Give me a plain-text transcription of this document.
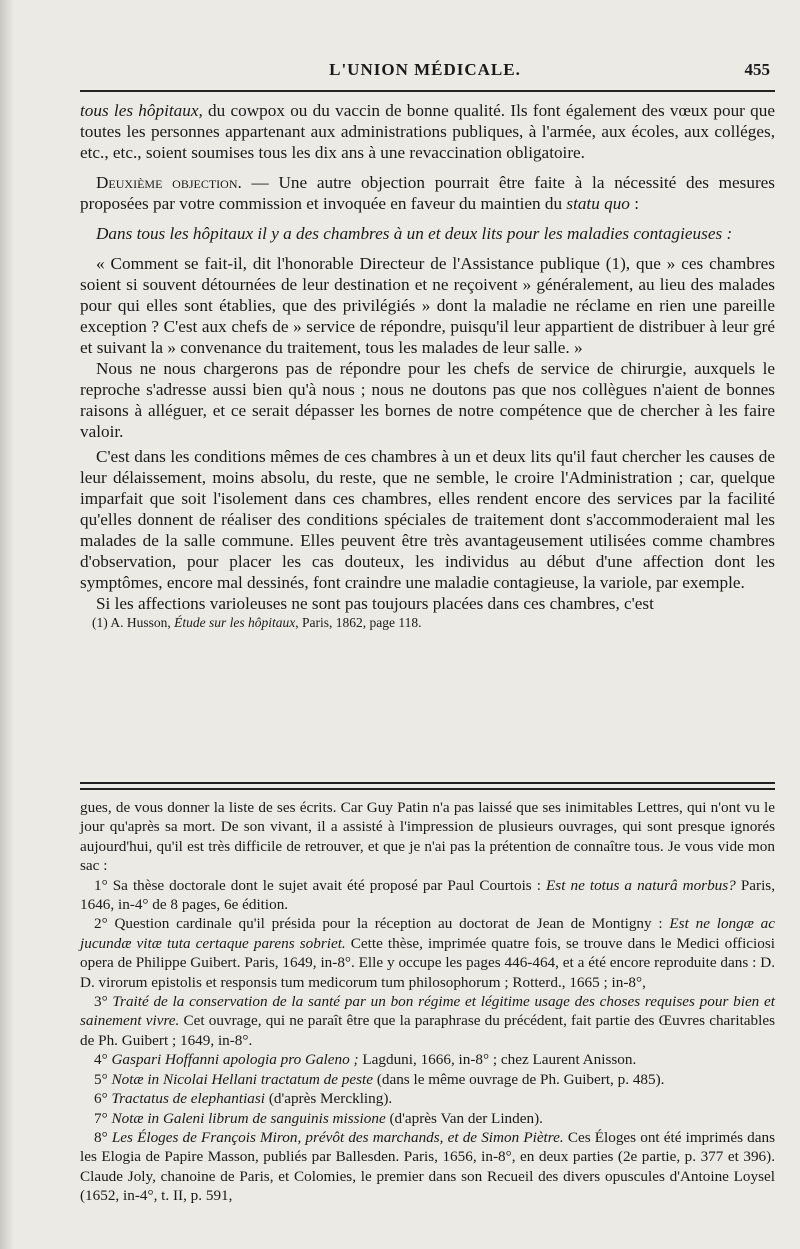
L'UNION MÉDICALE.	455

tous les hôpitaux, du cowpox ou du vaccin de bonne qualité. Ils font également des vœux pour que toutes les personnes appartenant aux administrations publiques, à l'armée, aux écoles, aux colléges, etc., etc., soient soumises tous les dix ans à une revaccination obligatoire.

Deuxième objection. — Une autre objection pourrait être faite à la nécessité des mesures proposées par votre commission et invoquée en faveur du maintien du statu quo :

Dans tous les hôpitaux il y a des chambres à un et deux lits pour les maladies contagieuses :

« Comment se fait-il, dit l'honorable Directeur de l'Assistance publique (1), que » ces chambres soient si souvent détournées de leur destination et ne reçoivent » généralement, au lieu des malades pour qui elles sont établies, que des privilégiés » dont la maladie ne réclame en rien une pareille exception ? C'est aux chefs de » service de répondre, puisqu'il leur appartient de distribuer à leur gré et suivant la » convenance du traitement, tous les malades de leur salle. »

Nous ne nous chargerons pas de répondre pour les chefs de service de chirurgie, auxquels le reproche s'adresse aussi bien qu'à nous ; nous ne doutons pas que nos collègues n'aient de bonnes raisons à alléguer, et ce serait dépasser les bornes de notre compétence que de chercher à les faire valoir.

C'est dans les conditions mêmes de ces chambres à un et deux lits qu'il faut chercher les causes de leur délaissement, moins absolu, du reste, que ne semble, le croire l'Administration ; car, quelque imparfait que soit l'isolement dans ces chambres, elles rendent encore des services par la facilité qu'elles donnent de réaliser des conditions spéciales de traitement dont s'accommoderaient mal les malades de la salle commune. Elles peuvent être très avantageusement utilisées comme chambres d'observation, pour placer les cas douteux, les individus au début d'une affection dont les symptômes, encore mal dessinés, font craindre une maladie contagieuse, la variole, par exemple.

Si les affections varioleuses ne sont pas toujours placées dans ces chambres, c'est

(1) A. Husson, Étude sur les hôpitaux, Paris, 1862, page 118.

gues, de vous donner la liste de ses écrits. Car Guy Patin n'a pas laissé que ses inimitables Lettres, qui n'ont vu le jour qu'après sa mort. De son vivant, il a assisté à l'impression de plusieurs ouvrages, qui sont presque ignorés aujourd'hui, qu'il est très difficile de retrouver, et que je n'ai pas la prétention de connaître tous. Je vous vide mon sac :

1° Sa thèse doctorale dont le sujet avait été proposé par Paul Courtois : Est ne totus a naturâ morbus? Paris, 1646, in-4° de 8 pages, 6e édition.

2° Question cardinale qu'il présida pour la réception au doctorat de Jean de Montigny : Est ne longæ ac jucundæ vitæ tuta certaque parens sobriet. Cette thèse, imprimée quatre fois, se trouve dans le Medici officiosi opera de Philippe Guibert. Paris, 1649, in-8°. Elle y occupe les pages 446-464, et a été encore reproduite dans : D. D. virorum epistolis et responsis tum medicorum tum philosophorum ; Rotterd., 1665 ; in-8°,

3° Traité de la conservation de la santé par un bon régime et légitime usage des choses requises pour bien et sainement vivre. Cet ouvrage, qui ne paraît être que la paraphrase du précédent, fait partie des Œuvres charitables de Ph. Guibert ; 1649, in-8°.

4° Gaspari Hoffanni apologia pro Galeno ; Lagduni, 1666, in-8° ; chez Laurent Anisson.

5° Notæ in Nicolai Hellani tractatum de peste (dans le même ouvrage de Ph. Guibert, p. 485).

6° Tractatus de elephantiasi (d'après Merckling).

7° Notæ in Galeni librum de sanguinis missione (d'après Van der Linden).

8° Les Éloges de François Miron, prévôt des marchands, et de Simon Piètre. Ces Éloges ont été imprimés dans les Elogia de Papire Masson, publiés par Ballesden. Paris, 1656, in-8°, en deux parties (2e partie, p. 377 et 396). Claude Joly, chanoine de Paris, et Colomies, le premier dans son Recueil des divers opuscules d'Antoine Loysel (1652, in-4°, t. II, p. 591,
